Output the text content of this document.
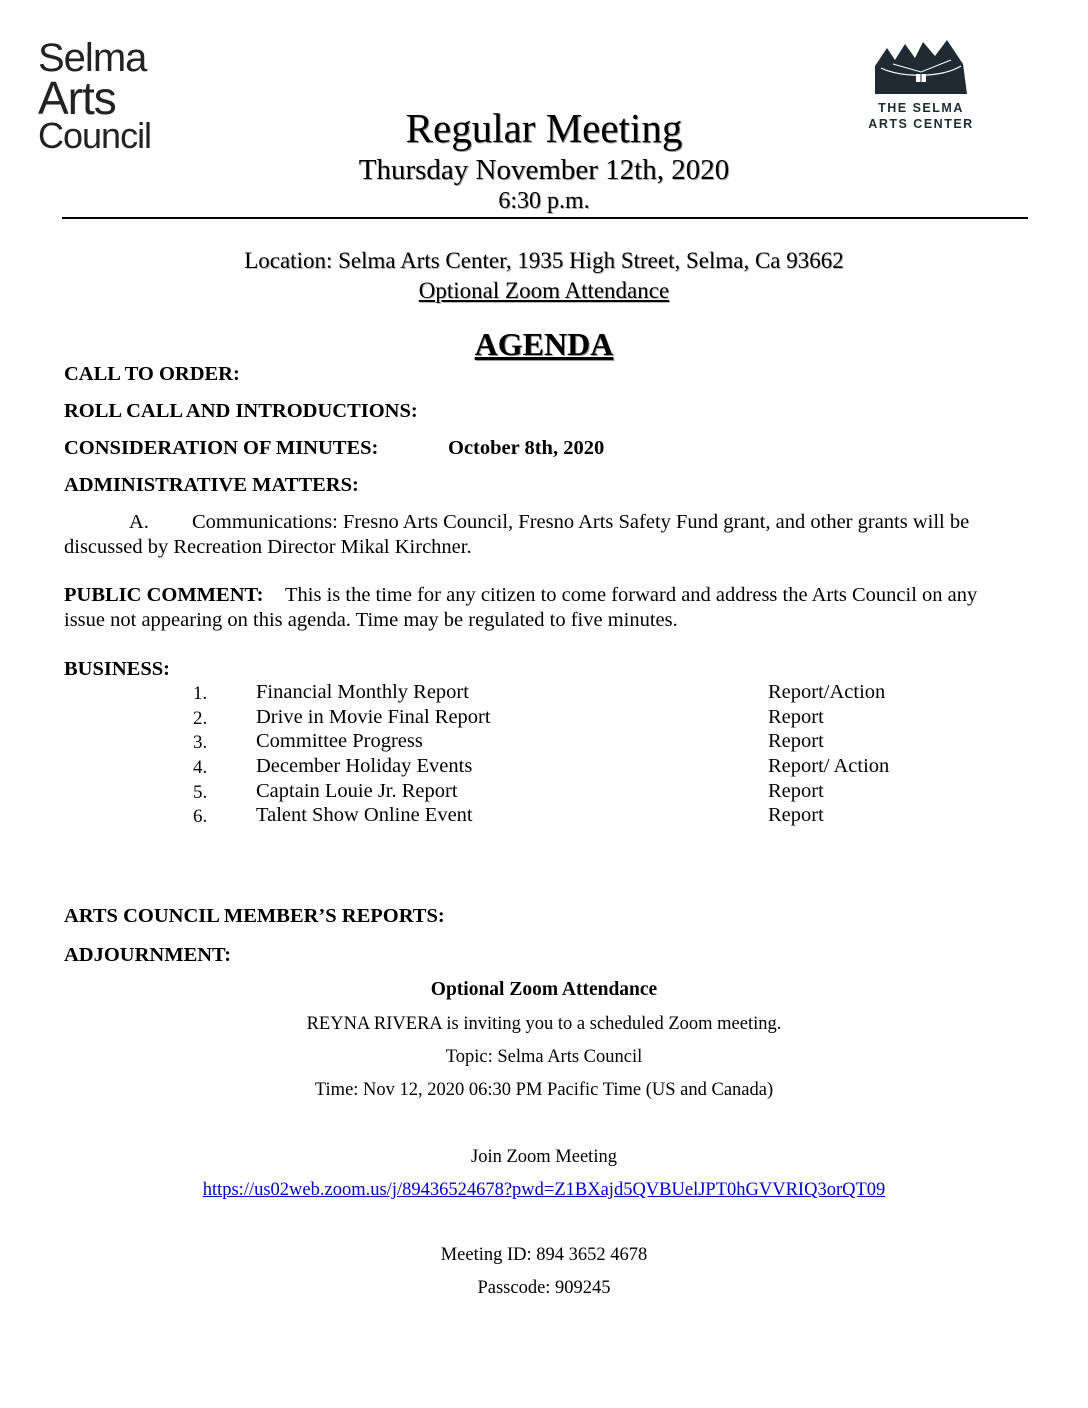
Selma
Arts
Council
THE SELMA
ARTS CENTER
Regular Meeting
Thursday November 12th, 2020
6:30 p.m.
Location: Selma Arts Center, 1935 High Street, Selma, Ca 93662
Optional Zoom Attendance
AGENDA
CALL TO ORDER:
ROLL CALL AND INTRODUCTIONS:
CONSIDERATION OF MINUTES:	October 8th, 2020
ADMINISTRATIVE MATTERS:
A. Communications: Fresno Arts Council, Fresno Arts Safety Fund grant, and other grants will be
discussed by Recreation Director Mikal Kirchner.
PUBLIC COMMENT: This is the time for any citizen to come forward and address the Arts Council on any
issue not appearing on this agenda. Time may be regulated to five minutes.
BUSINESS:
1. Financial Monthly Report	Report/Action
2. Drive in Movie Final Report	Report
3. Committee Progress	Report
4. December Holiday Events	Report/ Action
5. Captain Louie Jr. Report	Report
6. Talent Show Online Event	Report
ARTS COUNCIL MEMBER’S REPORTS:
ADJOURNMENT:
Optional Zoom Attendance
REYNA RIVERA is inviting you to a scheduled Zoom meeting.
Topic: Selma Arts Council
Time: Nov 12, 2020 06:30 PM Pacific Time (US and Canada)
Join Zoom Meeting
https://us02web.zoom.us/j/89436524678?pwd=Z1BXajd5QVBUelJPT0hGVVRIQ3orQT09
Meeting ID: 894 3652 4678
Passcode: 909245
